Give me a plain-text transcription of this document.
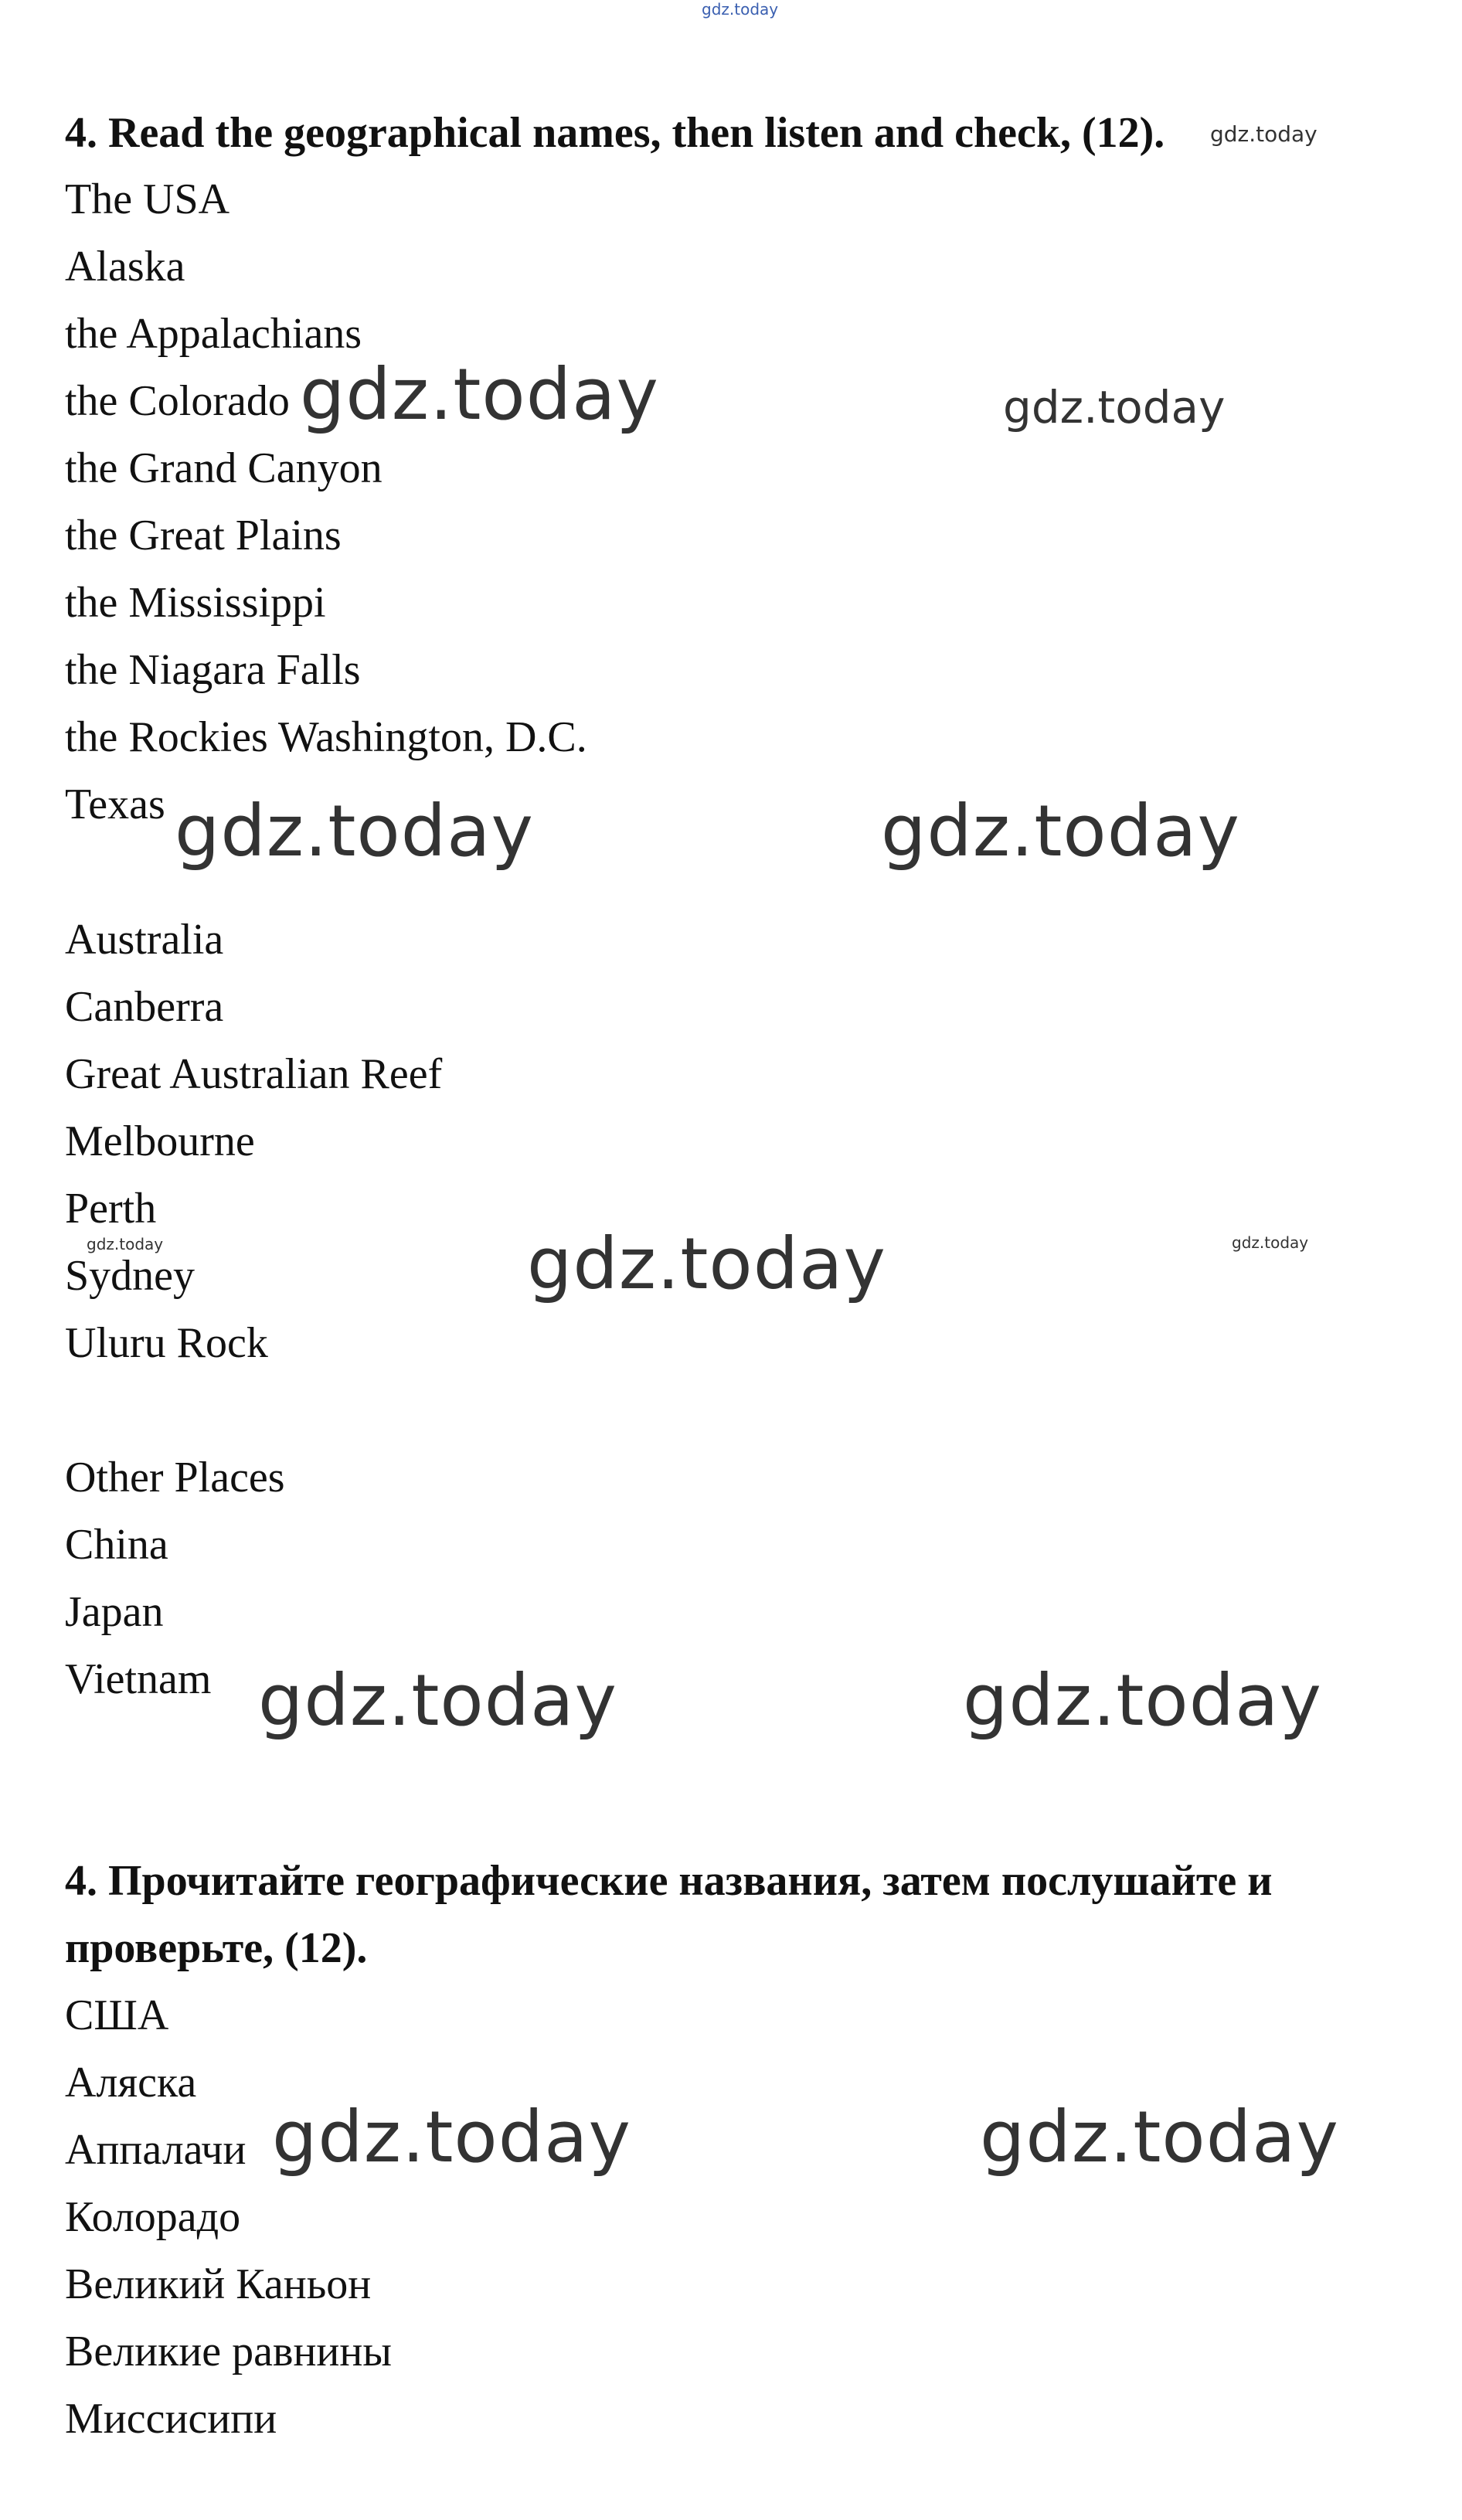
gdz.today
4. Read the geographical names, then listen and check, (12). gdz.today
The USA
Alaska
the Appalachians
the Colorado
the Grand Canyon
the Great Plains
the Mississippi
the Niagara Falls
the Rockies Washington, D.C.
Texas
gdz.today	gdz.today
gdz.today	gdz.today
Australia
Canberra
Great Australian Reef
Melbourne
Perth
Sydney
Uluru Rock
gdz.today	gdz.today	gdz.today
Other Places
China
Japan
Vietnam gdz.today	gdz.today
4. Прочитайте географические названия, затем послушайте и
проверьте, (12).
США
Аляска
Аппалачи
Колорадо
Великий Каньон
Великие равнины
Миссисипи
gdz.today	gdz.today
